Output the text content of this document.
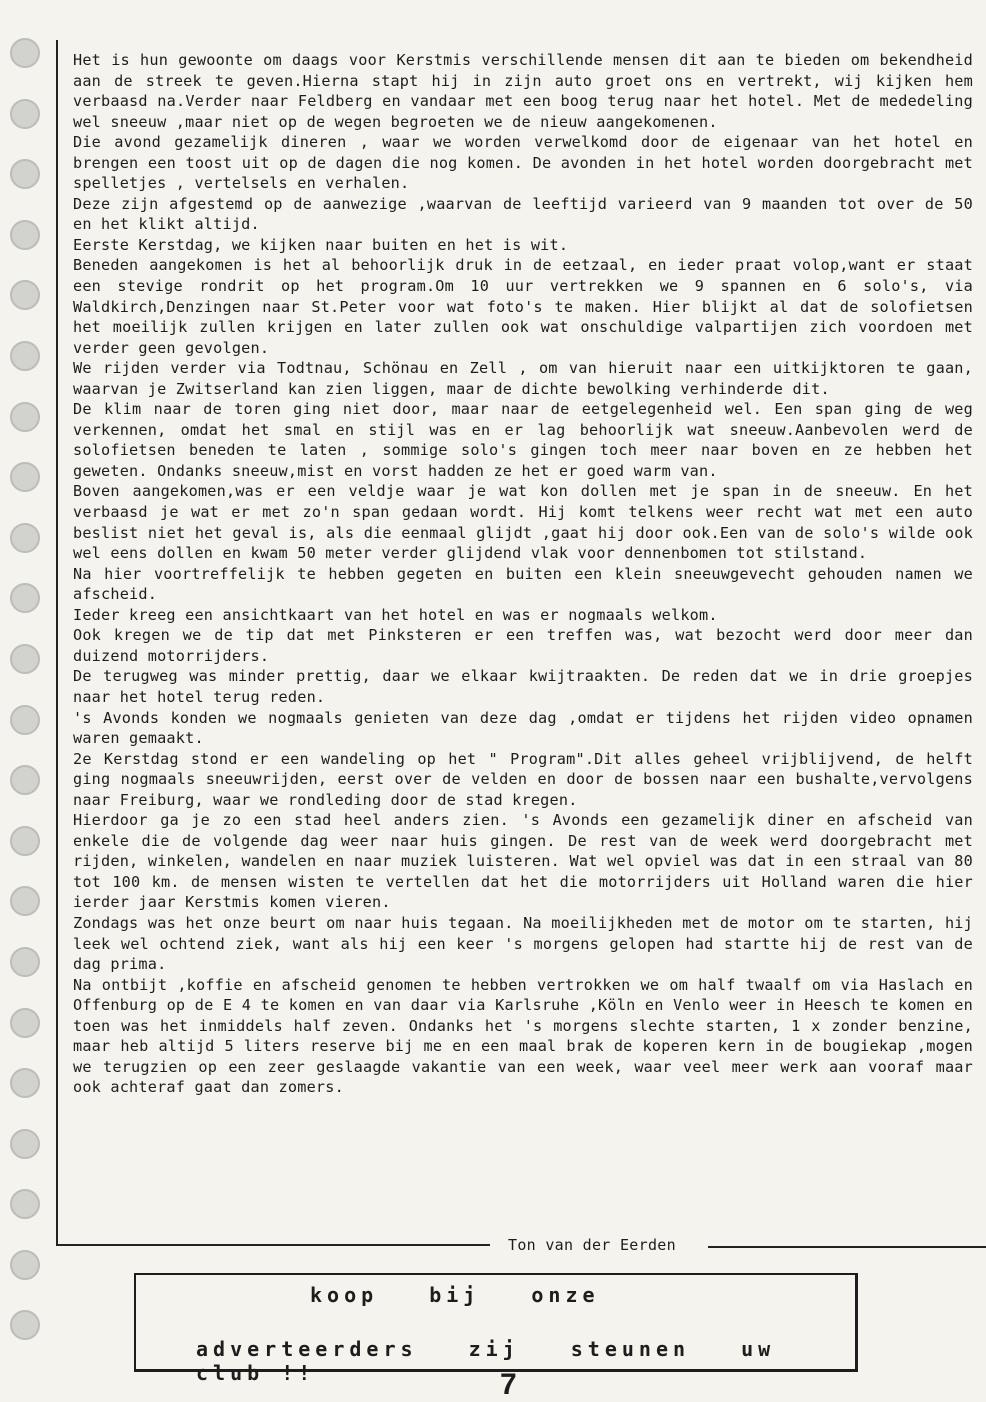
Het is hun gewoonte om daags voor Kerstmis verschillende mensen dit aan te bieden om bekendheid aan de streek te geven.Hierna stapt hij in zijn auto groet ons en vertrekt, wij kijken hem verbaasd na.Verder naar Feldberg en vandaar met een boog terug naar het hotel. Met de mededeling wel sneeuw ,maar niet op de wegen begroeten we de nieuw aangekomenen.

Die avond gezamelijk dineren , waar we worden verwelkomd door de eigenaar van het hotel en brengen een toost uit op de dagen die nog komen. De avonden in het hotel worden doorgebracht met spelletjes , vertelsels en verhalen.

Deze zijn afgestemd op de aanwezige ,waarvan de leeftijd varieerd van 9 maanden tot over de 50 en het klikt altijd.

Eerste Kerstdag, we kijken naar buiten en het is wit.

Beneden aangekomen is het al behoorlijk druk in de eetzaal, en ieder praat volop,want er staat een stevige rondrit op het program.Om 10 uur vertrekken we 9 spannen en 6 solo's, via Waldkirch,Denzingen naar St.Peter voor wat foto's te maken. Hier blijkt al dat de solofietsen het moeilijk zullen krijgen en later zullen ook wat onschuldige valpartijen zich voordoen met verder geen gevolgen.

We rijden verder via Todtnau, Schönau en Zell , om van hieruit naar een uitkijktoren te gaan, waarvan je Zwitserland kan zien liggen, maar de dichte bewolking verhinderde dit.

De klim naar de toren ging niet door, maar naar de eetgelegenheid wel. Een span ging de weg verkennen, omdat het smal en stijl was en er lag behoorlijk wat sneeuw.Aanbevolen werd de solofietsen beneden te laten , sommige solo's gingen toch meer naar boven en ze hebben het geweten. Ondanks sneeuw,mist en vorst hadden ze het er goed warm van.

Boven aangekomen,was er een veldje waar je wat kon dollen met je span in de sneeuw. En het verbaasd je wat er met zo'n span gedaan wordt. Hij komt telkens weer recht wat met een auto beslist niet het geval is, als die eenmaal glijdt ,gaat hij door ook.Een van de solo's wilde ook wel eens dollen en kwam 50 meter verder glijdend vlak voor dennenbomen tot stilstand.

Na hier voortreffelijk te hebben gegeten en buiten een klein sneeuwgevecht gehouden namen we afscheid.

Ieder kreeg een ansichtkaart van het hotel en was er nogmaals welkom.

Ook kregen we de tip dat met Pinksteren er een treffen was, wat bezocht werd door meer dan duizend motorrijders.

De terugweg was minder prettig, daar we elkaar kwijtraakten. De reden dat we in drie groepjes naar het hotel terug reden.

's Avonds konden we nogmaals genieten van deze dag ,omdat er tijdens het rijden video opnamen waren gemaakt.

2e Kerstdag stond er een wandeling op het " Program".Dit alles geheel vrijblijvend, de helft ging nogmaals sneeuwrijden, eerst over de velden en door de bossen naar een bushalte,vervolgens naar Freiburg, waar we rondleding door de stad kregen.

Hierdoor ga je zo een stad heel anders zien. 's Avonds een gezamelijk diner en afscheid van enkele die de volgende dag weer naar huis gingen. De rest van de week werd doorgebracht met rijden, winkelen, wandelen en naar muziek luisteren. Wat wel opviel was dat in een straal van 80 tot 100 km. de mensen wisten te vertellen dat het die motorrijders uit Holland waren die hier ierder jaar Kerstmis komen vieren.

Zondags was het onze beurt om naar huis tegaan. Na moeilijkheden met de motor om te starten, hij leek wel ochtend ziek, want als hij een keer 's morgens gelopen had startte hij de rest van de dag prima.

Na ontbijt ,koffie en afscheid genomen te hebben vertrokken we om half twaalf om via Haslach en Offenburg op de E 4 te komen en van daar via Karlsruhe ,Köln en Venlo weer in Heesch te komen en toen was het inmiddels half zeven. Ondanks het 's morgens slechte starten, 1 x zonder benzine, maar heb altijd 5 liters reserve bij me en een maal brak de koperen kern in de bougiekap ,mogen we terugzien op een zeer geslaagde vakantie van een week, waar veel meer werk aan vooraf maar ook achteraf gaat dan zomers.

Ton van der Eerden
koop	bij	onze
adverteerders	zij	steunen	uw club !!	7
